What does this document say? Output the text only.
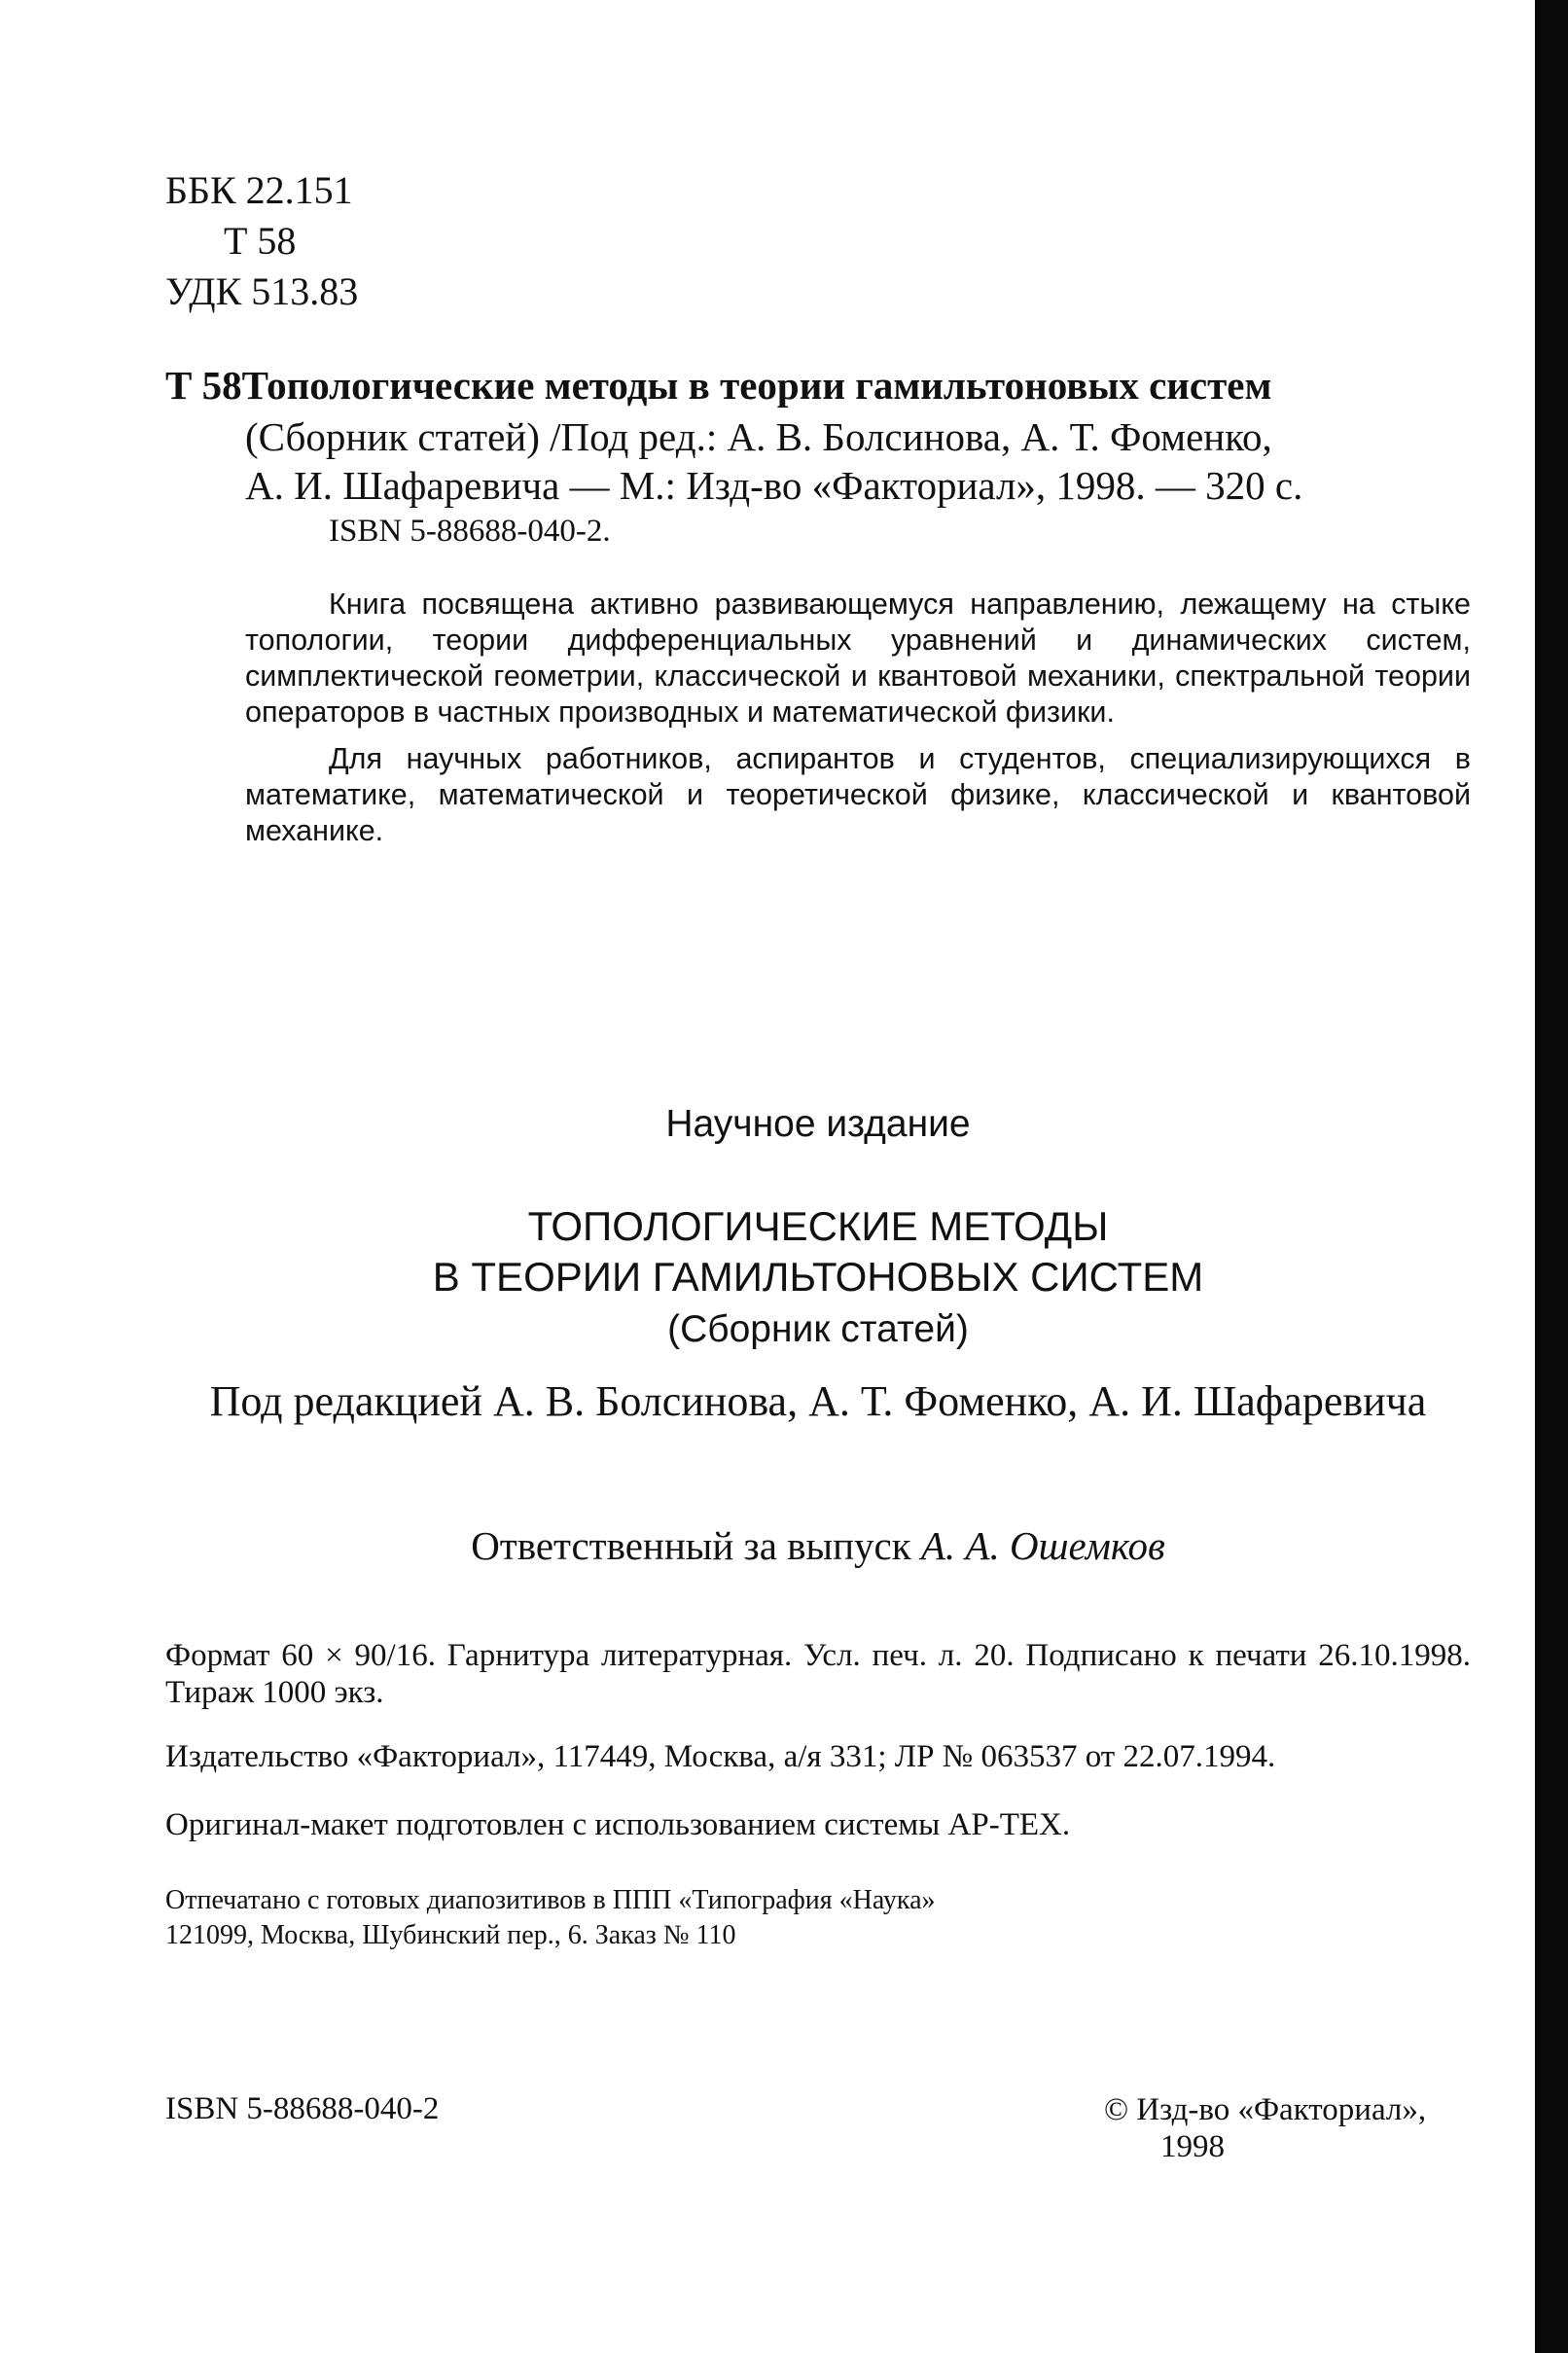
ББК 22.151
Т 58
УДК 513.83
Т 58Топологические методы в теории гамильтоновых систем
(Сборник статей) /Под ред.: А. В. Болсинова, А. Т. Фоменко,
А. И. Шафаревича — М.: Изд-во «Факториал», 1998. — 320 с.
ISBN 5-88688-040-2.

Книга посвящена активно развивающемуся направлению, лежащему на стыке топологии, теории дифференциальных уравнений и динамических систем, симплектической геометрии, классической и квантовой механики, спектральной теории операторов в частных производных и математической физики.

Для научных работников, аспирантов и студентов, специализирующихся в математике, математической и теоретической физике, классической и квантовой механике.

Научное издание
ТОПОЛОГИЧЕСКИЕ МЕТОДЫ
В ТЕОРИИ ГАМИЛЬТОНОВЫХ СИСТЕМ
(Сборник статей)
Под редакцией А. В. Болсинова, А. Т. Фоменко, А. И. Шафаревича
Ответственный за выпуск А. А. Ошемков
Формат 60 × 90/16. Гарнитура литературная. Усл. печ. л. 20. Подписано к печати 26.10.1998. Тираж 1000 экз.
Издательство «Факториал», 117449, Москва, а/я 331; ЛР № 063537 от 22.07.1994.
Оригинал-макет подготовлен с использованием системы АР-ТЕХ.
Отпечатано с готовых диапозитивов в ППП «Типография «Наука»
121099, Москва, Шубинский пер., 6. Заказ № 110
ISBN 5-88688-040-2	© Изд-во «Факториал»,
1998
